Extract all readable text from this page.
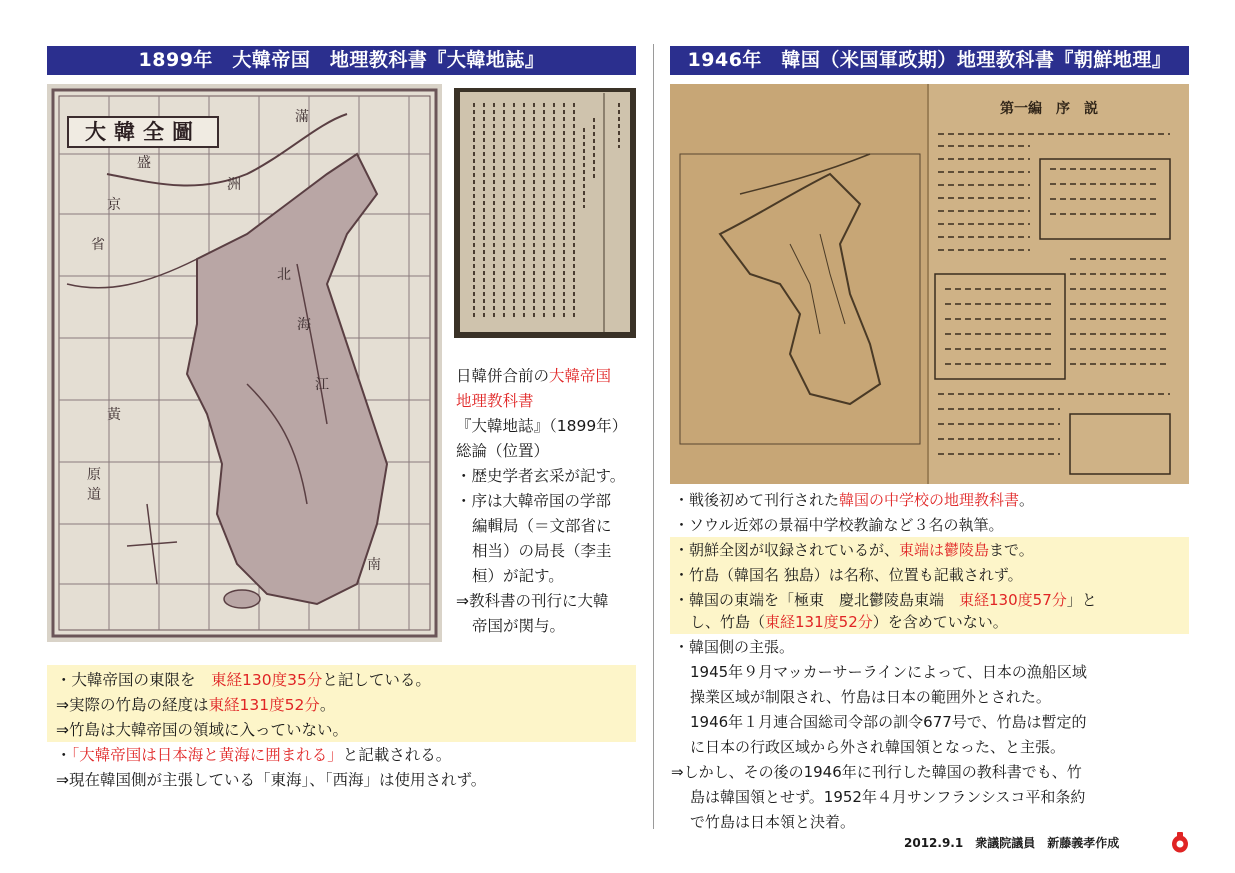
1899年　大韓帝国　地理教科書『大韓地誌』	1946年　韓国（米国軍政期）地理教科書『朝鮮地理』
大韓全圖
滿
洲
盛
京
省
黃
海
江
原
道
北
南
日韓併合前の大韓帝国
地理教科書
『大韓地誌』（1899年）
総論（位置）
・歴史学者玄采が記す。
・序は大韓帝国の学部
編輯局（＝文部省に
相当）の局長（李圭
桓）が記す。
⇒教科書の刊行に大韓
帝国が関与。
・大韓帝国の東限を　東経130度35分と記している。
⇒実際の竹島の経度は東経131度52分。
⇒竹島は大韓帝国の領域に入っていない。
・「大韓帝国は日本海と黄海に囲まれる」と記載される。
⇒現在韓国側が主張している「東海」、「西海」は使用されず。
第一編　序　説
・戦後初めて刊行された韓国の中学校の地理教科書。
・ソウル近郊の景福中学校教諭など３名の執筆。
・朝鮮全図が収録されているが、東端は鬱陵島まで。
・竹島（韓国名 独島）は名称、位置も記載されず。
・韓国の東端を「極東　慶北鬱陵島東端　東経130度57分」と
し、竹島（東経131度52分）を含めていない。
・韓国側の主張。
1945年９月マッカーサーラインによって、日本の漁船区域
操業区域が制限され、竹島は日本の範囲外とされた。
1946年１月連合国総司令部の訓令677号で、竹島は暫定的
に日本の行政区域から外され韓国領となった、と主張。
⇒しかし、その後の1946年に刊行した韓国の教科書でも、竹
島は韓国領とせず。1952年４月サンフランシスコ平和条約
で竹島は日本領と決着。
2012.9.1　衆議院議員　新藤義孝作成
